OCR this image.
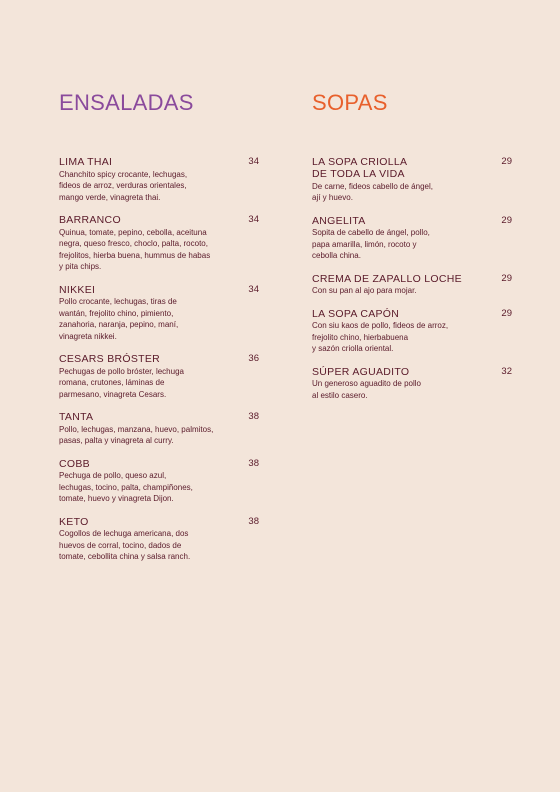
ENSALADAS
LIMA THAI	34
Chanchito spicy crocante, lechugas,
fideos de arroz, verduras orientales,
mango verde, vinagreta thai.
BARRANCO	34
Quinua, tomate, pepino, cebolla, aceituna
negra, queso fresco, choclo, palta, rocoto,
frejolitos, hierba buena, hummus de habas
y pita chips.
NIKKEI	34
Pollo crocante, lechugas, tiras de
wantán, frejolito chino, pimiento,
zanahoria, naranja, pepino, maní,
vinagreta nikkei.
CESARS BRÓSTER	36
Pechugas de pollo bróster, lechuga
romana, crutones, láminas de
parmesano, vinagreta Cesars.
TANTA	38
Pollo, lechugas, manzana, huevo, palmitos,
pasas, palta y vinagreta al curry.
COBB	38
Pechuga de pollo, queso azul,
lechugas, tocino, palta, champiñones,
tomate, huevo y vinagreta Dijon.
KETO	38
Cogollos de lechuga americana, dos
huevos de corral, tocino, dados de
tomate, cebollita china y salsa ranch.
SOPAS
LA SOPA CRIOLLA
DE TODA LA VIDA
29
De carne, fideos cabello de ángel,
ají y huevo.
ANGELITA	29
Sopita de cabello de ángel, pollo,
papa amarilla, limón, rocoto y
cebolla china.
CREMA DE ZAPALLO LOCHE	29
Con su pan al ajo para mojar.
LA SOPA CAPÓN	29
Con siu kaos de pollo, fideos de arroz,
frejolito chino, hierbabuena
y sazón criolla oriental.
SÚPER AGUADITO	32
Un generoso aguadito de pollo
al estilo casero.
